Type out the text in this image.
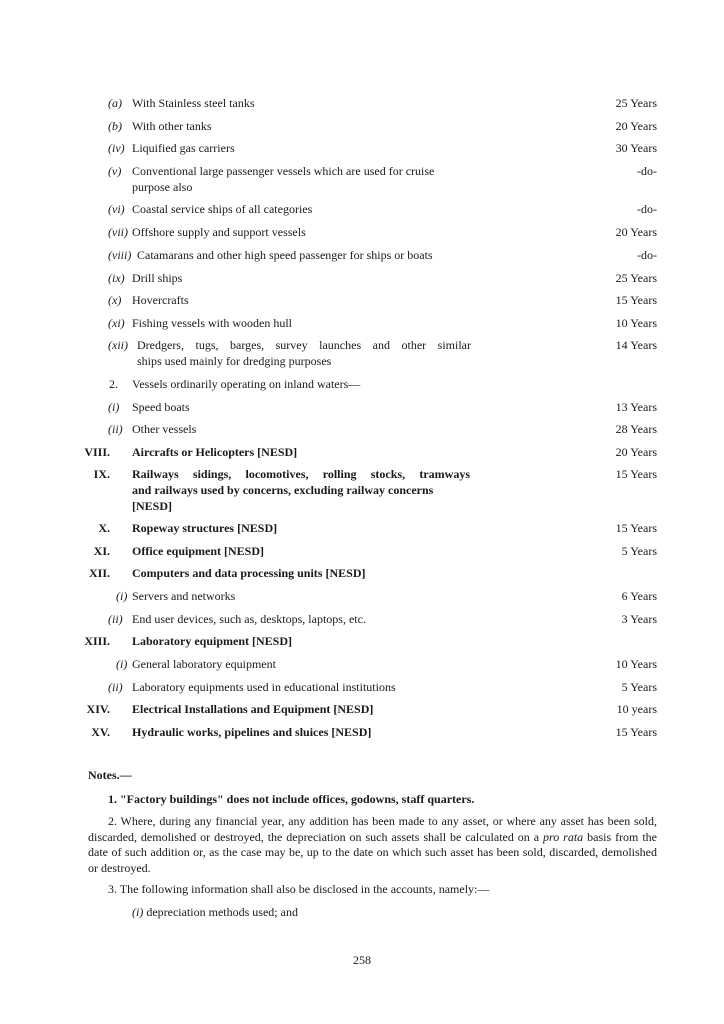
(a) With Stainless steel tanks	25 Years
(b) With other tanks	20 Years
(iv) Liquified gas carriers	30 Years
(v) Conventional large passenger vessels which are used for cruise	-do-
purpose also
(vi) Coastal service ships of all categories	-do-
(vii) Offshore supply and support vessels	20 Years
(viii) Catamarans and other high speed passenger for ships or boats	-do-
(ix) Drill ships	25 Years
(x) Hovercrafts	15 Years
(xi) Fishing vessels with wooden hull	10 Years
(xii) Dredgers, tugs, barges, survey launches and other similar	14 Years
ships used mainly for dredging purposes
2. Vessels ordinarily operating on inland waters—
(i) Speed boats	13 Years
(ii) Other vessels	28 Years
VIII. Aircrafts or Helicopters [NESD]	20 Years
IX. Railways sidings, locomotives, rolling stocks, tramways	15 Years
and railways used by concerns, excluding railway concerns
[NESD]
X. Ropeway structures [NESD]	15 Years
XI. Office equipment [NESD]	5 Years
XII. Computers and data processing units [NESD]
(i) Servers and networks	6 Years
(ii) End user devices, such as, desktops, laptops, etc.	3 Years
XIII. Laboratory equipment [NESD]
(i) General laboratory equipment	10 Years
(ii) Laboratory equipments used in educational institutions	5 Years
XIV. Electrical Installations and Equipment [NESD]	10 years
XV. Hydraulic works, pipelines and sluices [NESD]	15 Years
Notes.—
1. "Factory buildings" does not include offices, godowns, staff quarters.
2. Where, during any financial year, any addition has been made to any asset, or where any asset has been sold, discarded, demolished or destroyed, the depreciation on such assets shall be calculated on a pro rata basis from the date of such addition or, as the case may be, up to the date on which such asset has been sold, discarded, demolished or destroyed.
3. The following information shall also be disclosed in the accounts, namely:—
(i) depreciation methods used; and
258
